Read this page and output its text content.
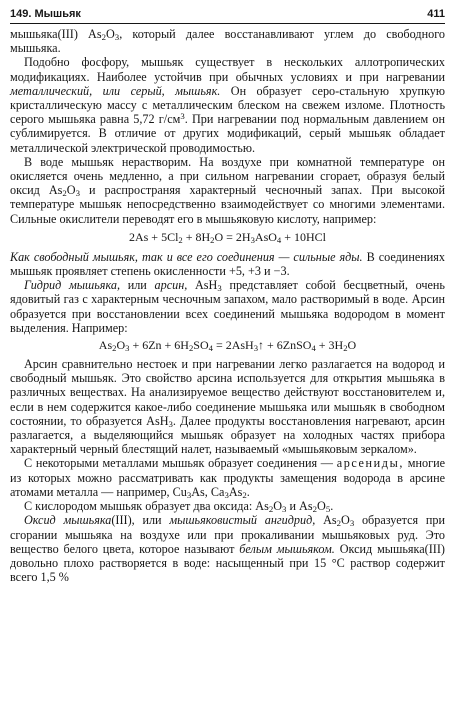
149. Мышьяк	411

мышьяка(III) $As_2O_3$, который далее восстанавливают углем до свободного мышьяка.

Подобно фосфору, мышьяк существует в нескольких аллотропических модификациях. Наиболее устойчив при обычных условиях и при нагревании металлический, или серый, мышьяк. Он образует серо-стальную хрупкую кристаллическую массу с металлическим блеском на свежем изломе. Плотность серого мышьяка равна 5,72 $г/см^3$. При нагревании под нормальным давлением он сублимируется. В отличие от других модификаций, серый мышьяк обладает металлической электрической проводимостью.

В воде мышьяк нерастворим. На воздухе при комнатной температуре он окисляется очень медленно, а при сильном нагревании сгорает, образуя белый оксид $As_2O_3$ и распространяя характерный чесночный запах. При высокой температуре мышьяк непосредственно взаимодействует со многими элементами. Сильные окислители переводят его в мышьяковую кислоту, например:

$2As + 5Cl_2 + 8H_2O = 2H_3AsO_4 + 10HCl$

Как свободный мышьяк, так и все его соединения — сильные яды. В соединениях мышьяк проявляет степень окисленности +5, +3 и −3.

Гидрид мышьяка, или арсин, AsH$_3$ представляет собой бесцветный, очень ядовитый газ с характерным чесночным запахом, мало растворимый в воде. Арсин образуется при восстановлении всех соединений мышьяка водородом в момент выделения. Например:

$As_2O_3 + 6Zn + 6H_2SO_4$ = 2AsH$_3$↑ + 6ZnSO$_4$ + $3H_2O$

Арсин сравнительно нестоек и при нагревании легко разлагается на водород и свободный мышьяк. Это свойство арсина используется для открытия мышьяка в различных веществах. На анализируемое вещество действуют восстановителем и, если в нем содержится какое-либо соединение мышьяка или мышьяк в свободном состоянии, то образуется AsH$_3$. Далее продукты восстановления нагревают, арсин разлагается, а выделяющийся мышьяк образует на холодных частях прибора характерный черный блестящий налет, называемый «мышьяковым зеркалом».

С некоторыми металлами мышьяк образует соединения — арсениды, многие из которых можно рассматривать как продукты замещения водорода в арсине атомами металла — например, $Cu_3As$, $Ca_3As_2$.

С кислородом мышьяк образует два оксида: $As_2O_3$ и $As_2O_5$.

Оксид мышьяка(III), или мышьяковистый ангидрид, $As_2O_3$ образуется при сгорании мышьяка на воздухе или при прокаливании мышьяковых руд. Это вещество белого цвета, которое называют белым мышьяком. Оксид мышьяка(III) довольно плохо растворяется в воде: насыщенный при 15 °С раствор содержит всего 1,5 %
